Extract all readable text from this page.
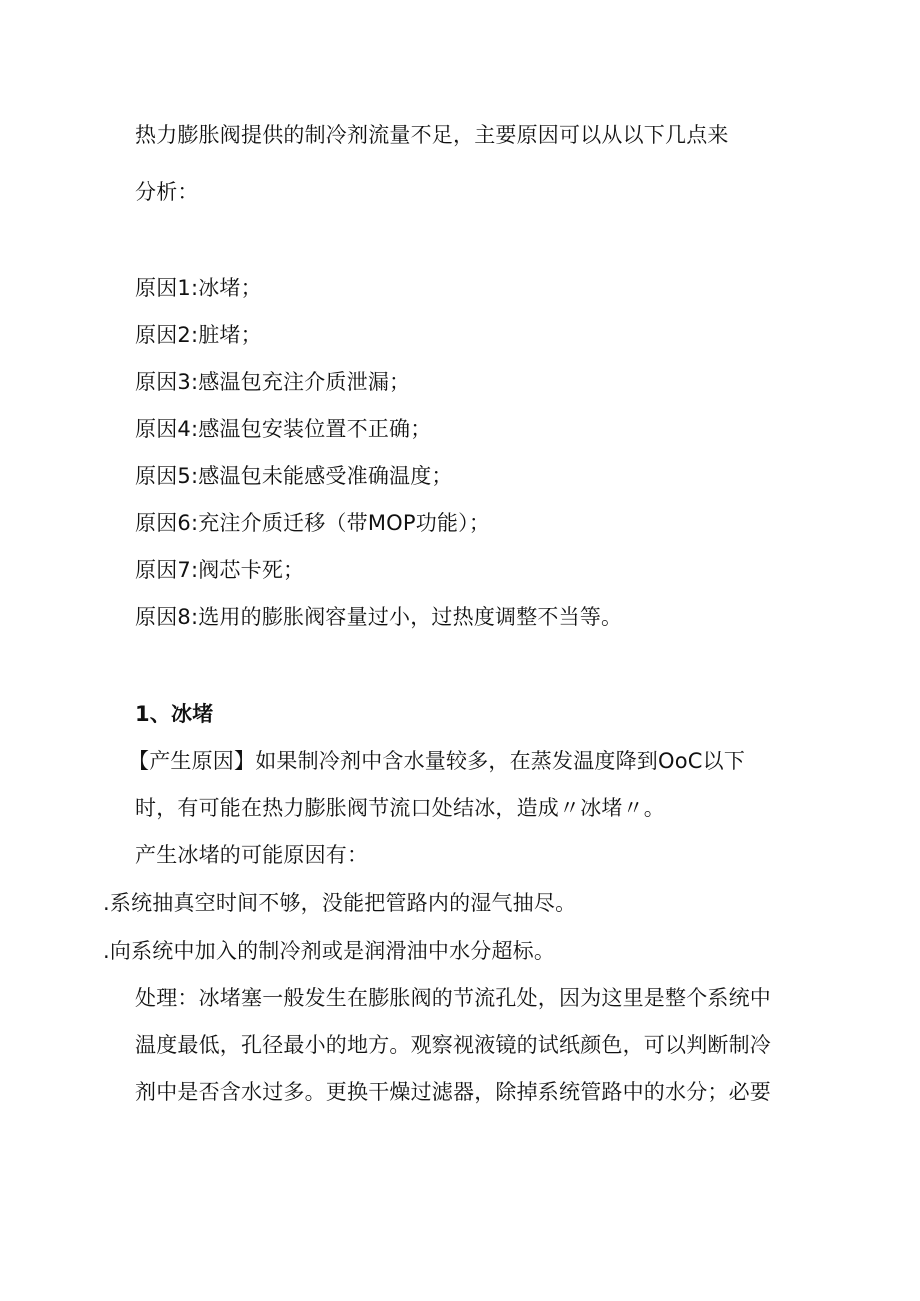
热力膨胀阀提供的制冷剂流量不足，主要原因可以从以下几点来
分析：
原因1:冰堵；
原因2:脏堵；
原因3:感温包充注介质泄漏；
原因4:感温包安装位置不正确；
原因5:感温包未能感受准确温度；
原因6:充注介质迁移（带MOP功能）；
原因7:阀芯卡死；
原因8:选用的膨胀阀容量过小，过热度调整不当等。
1、冰堵
【产生原因】如果制冷剂中含水量较多，在蒸发温度降到OoC以下
时，有可能在热力膨胀阀节流口处结冰，造成〃冰堵〃。
产生冰堵的可能原因有：
.系统抽真空时间不够，没能把管路内的湿气抽尽。
.向系统中加入的制冷剂或是润滑油中水分超标。
处理：冰堵塞一般发生在膨胀阀的节流孔处，因为这里是整个系统中
温度最低，孔径最小的地方。观察视液镜的试纸颜色，可以判断制冷
剂中是否含水过多。更换干燥过滤器，除掉系统管路中的水分；必要
